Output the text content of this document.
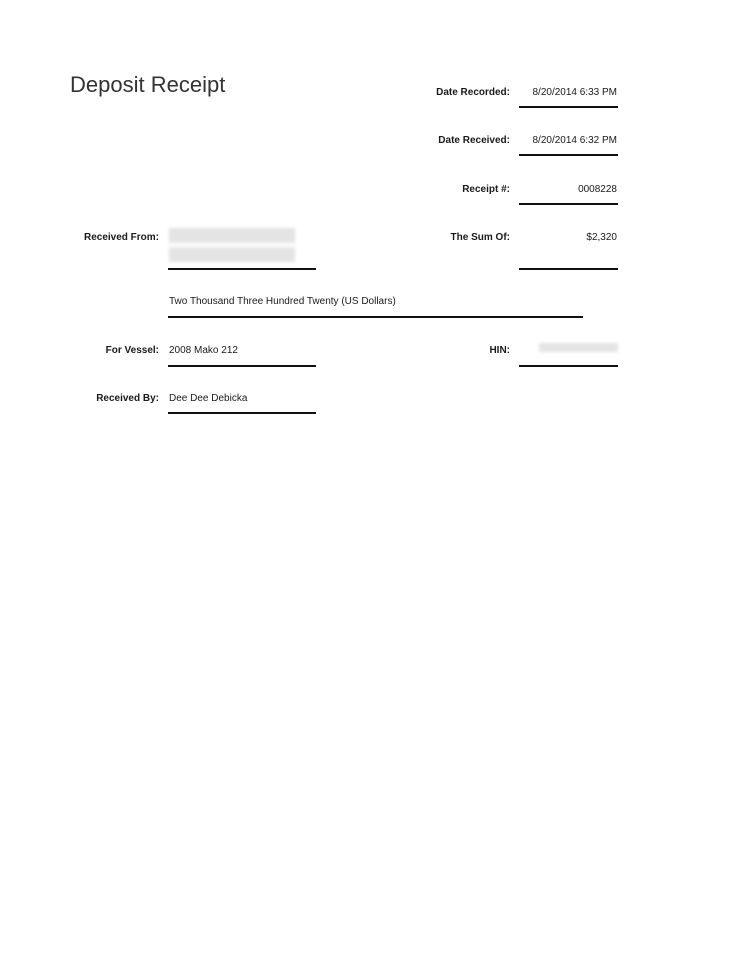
Deposit Receipt	Date Recorded: 8/20/2014 6:33 PM
Date Received: 8/20/2014 6:32 PM
Receipt #:	0008228
Received From:	The Sum Of:	$2,320
Two Thousand Three Hundred Twenty (US Dollars)
For Vessel: 2008 Mako 212	HIN:
Received By: Dee Dee Debicka
